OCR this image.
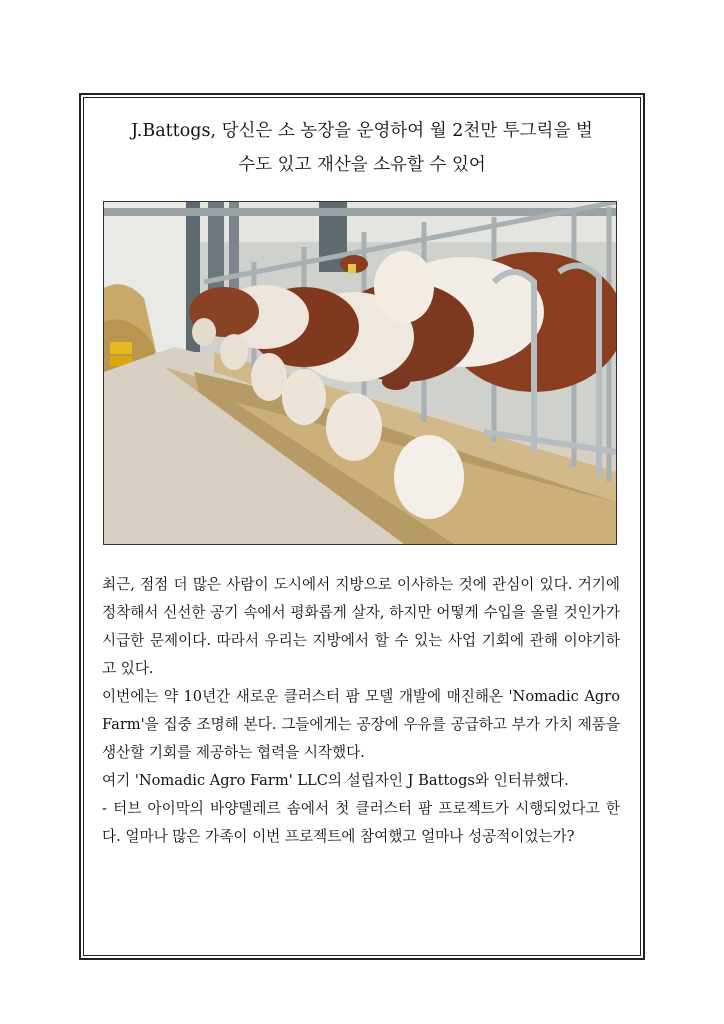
J.Battogs, 당신은 소 농장을 운영하여 월 2천만 투그릭을 벌
수도 있고 재산을 소유할 수 있어

최근, 점점 더 많은 사람이 도시에서 지방으로 이사하는 것에 관심이 있다. 거기에 정착해서 신선한 공기 속에서 평화롭게 살자, 하지만 어떻게 수입을 올릴 것인가가 시급한 문제이다. 따라서 우리는 지방에서 할 수 있는 사업 기회에 관해 이야기하고 있다.

이번에는 약 10년간 새로운 클러스터 팜 모델 개발에 매진해온 'Nomadic Agro Farm'을 집중 조명해 본다. 그들에게는 공장에 우유를 공급하고 부가 가치 제품을 생산할 기회를 제공하는 협력을 시작했다.

여기 'Nomadic Agro Farm' LLC의 설립자인 J Battogs와 인터뷰했다.

- 터브 아이막의 바양델레르 솜에서 첫 클러스터 팜 프로젝트가 시행되었다고 한다. 얼마나 많은 가족이 이번 프로젝트에 참여했고 얼마나 성공적이었는가?
